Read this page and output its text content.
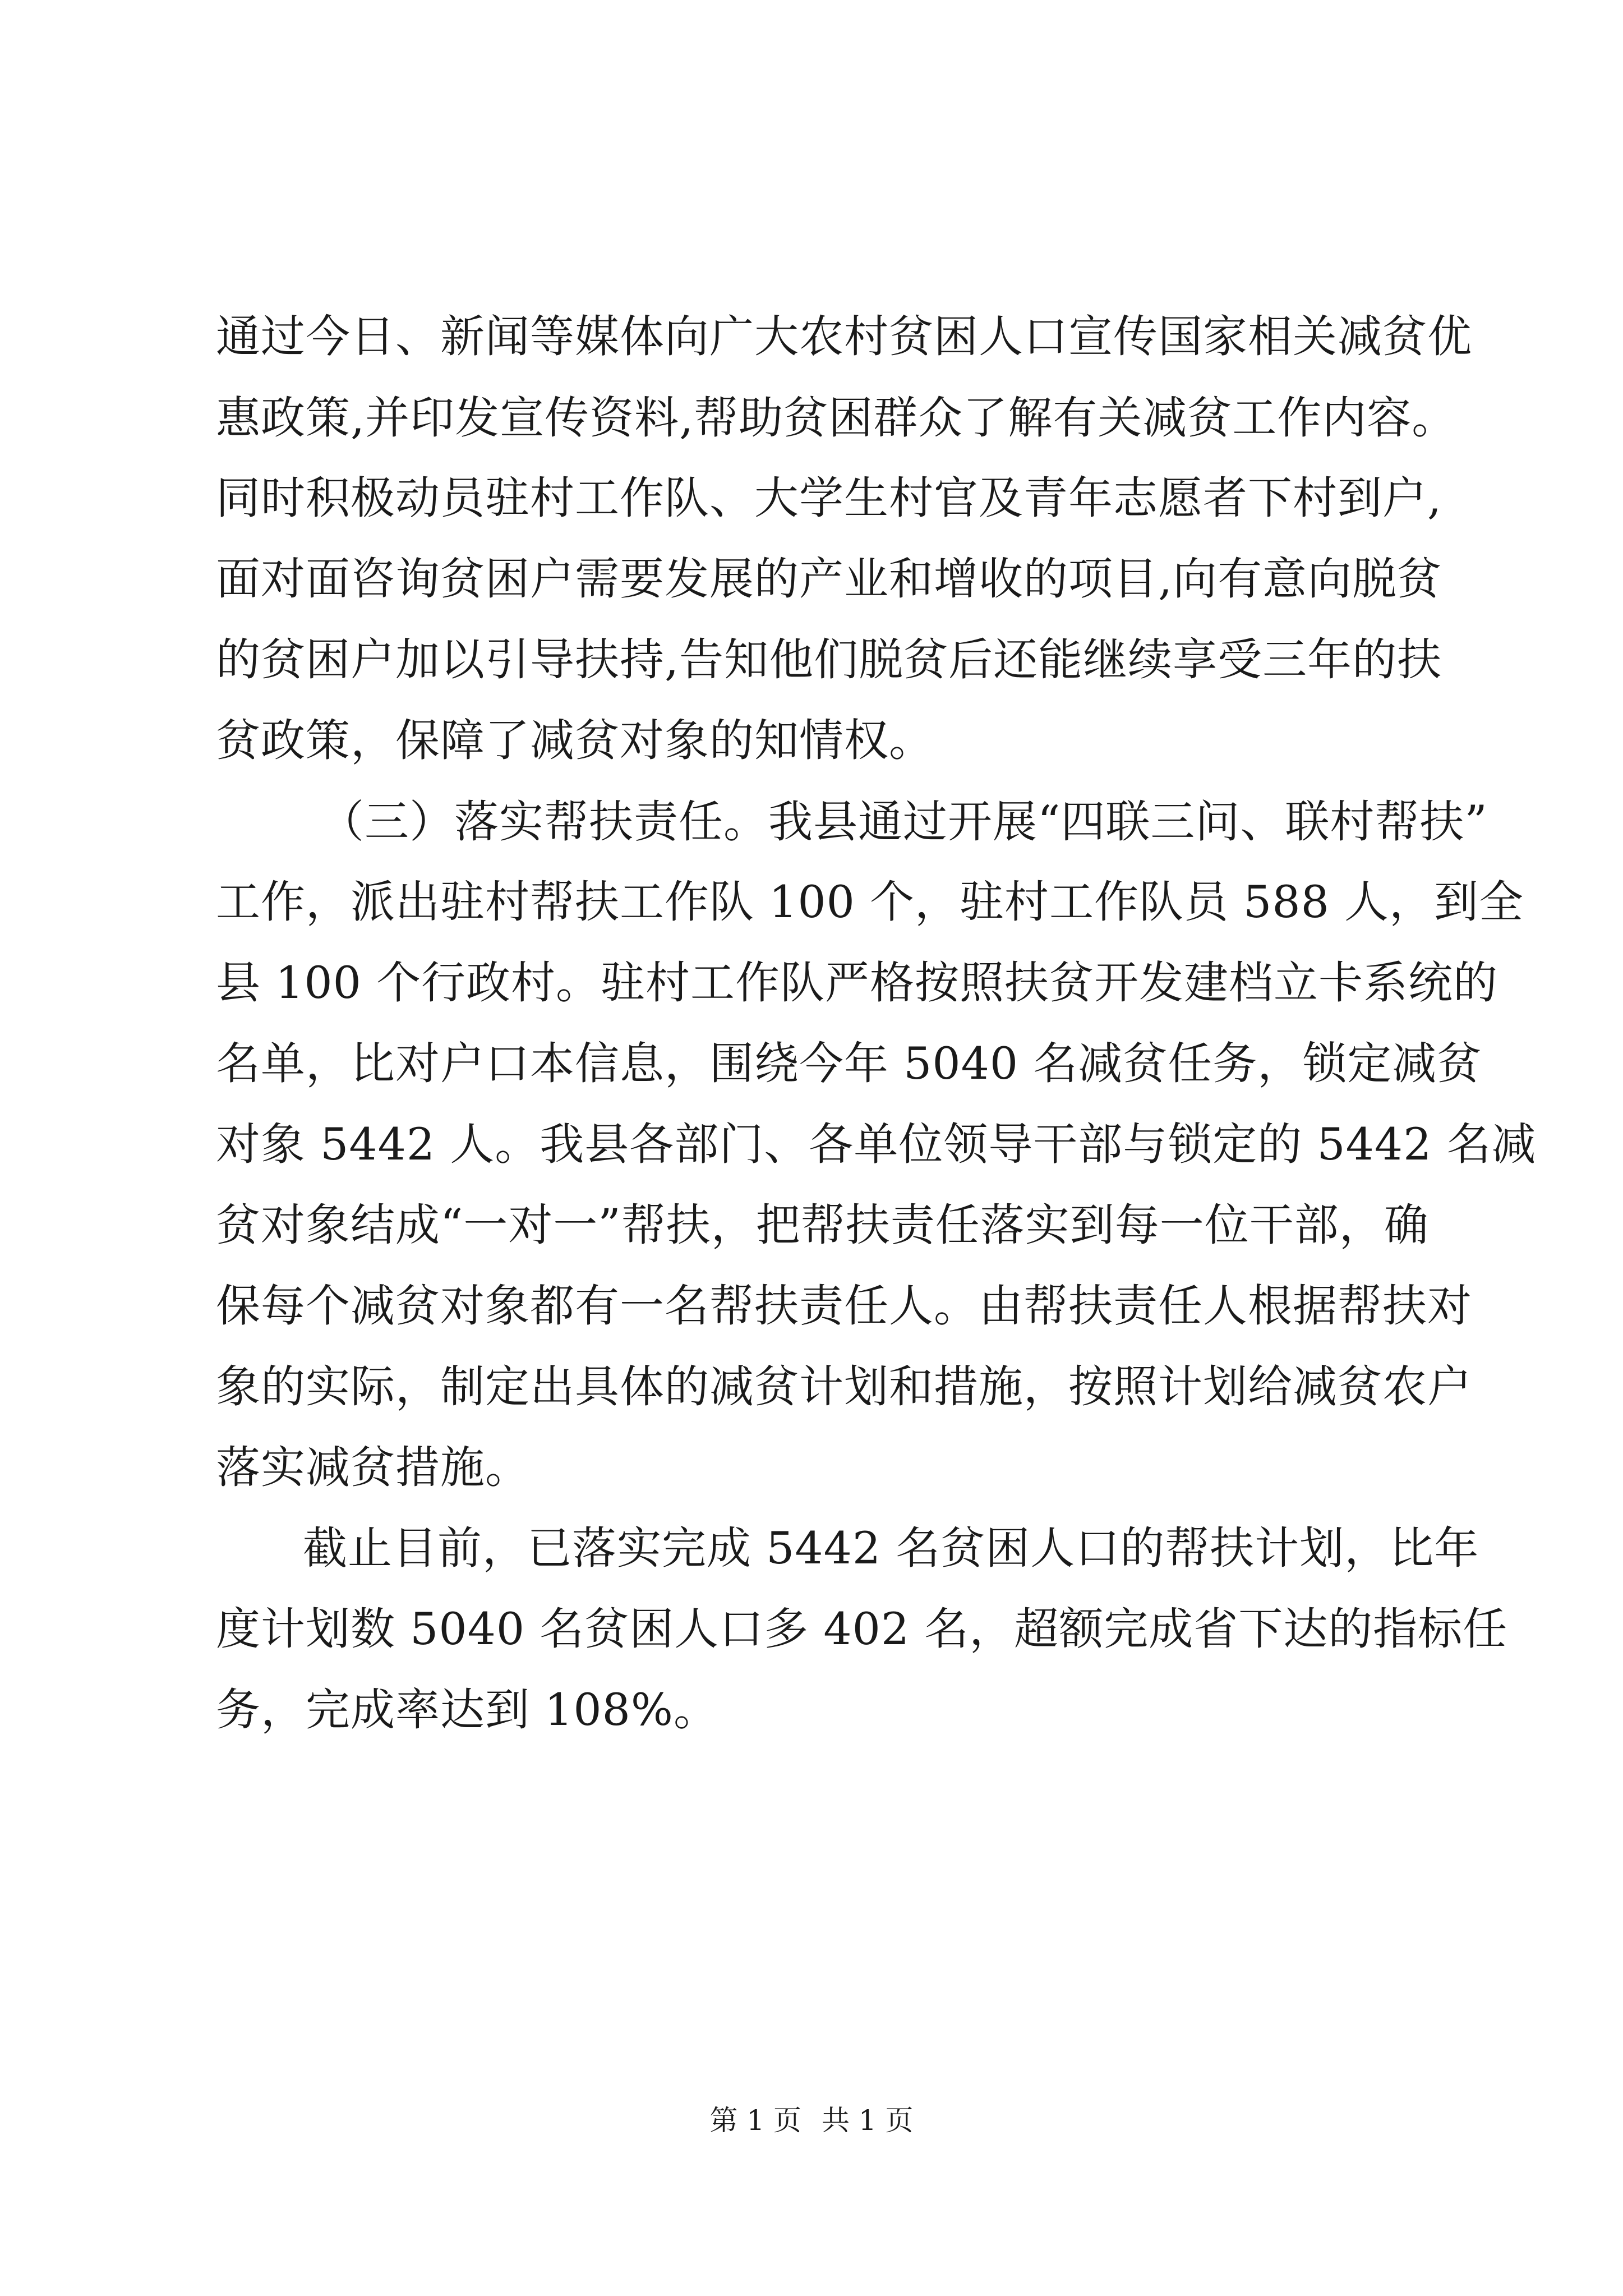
通过今日、新闻等媒体向广大农村贫困人口宣传国家相关减贫优
惠政策,并印发宣传资料,帮助贫困群众了解有关减贫工作内容。
同时积极动员驻村工作队、大学生村官及青年志愿者下村到户,
面对面咨询贫困户需要发展的产业和增收的项目,向有意向脱贫
的贫困户加以引导扶持,告知他们脱贫后还能继续享受三年的扶
贫政策，保障了减贫对象的知情权。
（三）落实帮扶责任。我县通过开展“四联三问、联村帮扶”
工作，派出驻村帮扶工作队 100 个，驻村工作队员 588 人，到全
县 100 个行政村。驻村工作队严格按照扶贫开发建档立卡系统的
名单，比对户口本信息，围绕今年 5040 名减贫任务，锁定减贫
对象 5442 人。我县各部门、各单位领导干部与锁定的 5442 名减
贫对象结成“一对一”帮扶，把帮扶责任落实到每一位干部，确
保每个减贫对象都有一名帮扶责任人。由帮扶责任人根据帮扶对
象的实际，制定出具体的减贫计划和措施，按照计划给减贫农户
落实减贫措施。
截止目前，已落实完成 5442 名贫困人口的帮扶计划，比年
度计划数 5040 名贫困人口多 402 名，超额完成省下达的指标任
务，完成率达到 108%。
第 1 页 共 1 页
